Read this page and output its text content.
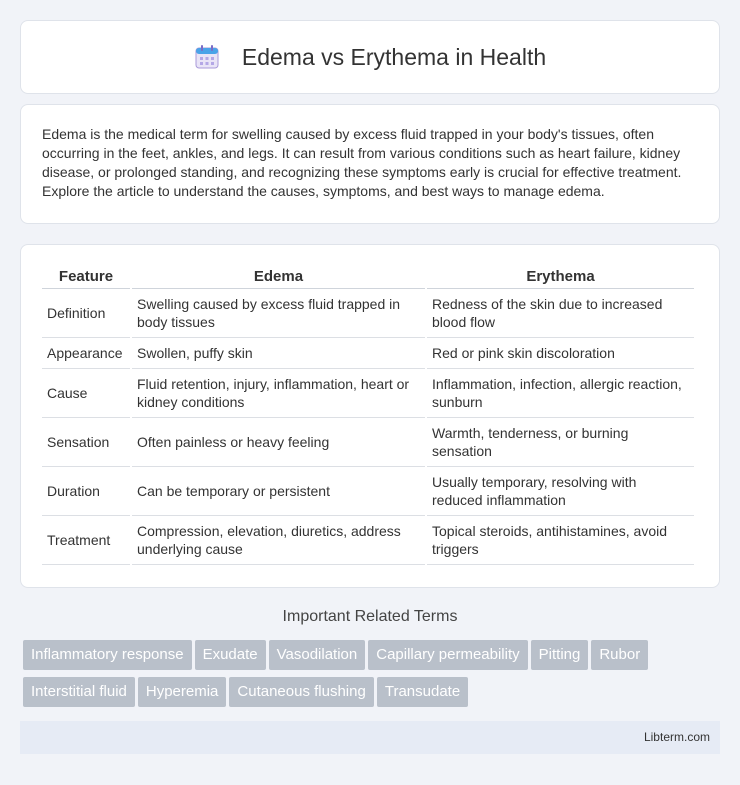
Edema vs Erythema in Health

Edema is the medical term for swelling caused by excess fluid trapped in your body's tissues, often occurring in the feet, ankles, and legs. It can result from various conditions such as heart failure, kidney disease, or prolonged standing, and recognizing these symptoms early is crucial for effective treatment. Explore the article to understand the causes, symptoms, and best ways to manage edema.

Feature	Edema	Erythema
Definition	Swelling caused by excess fluid trapped in body tissues	Redness of the skin due to increased blood flow
Appearance	Swollen, puffy skin	Red or pink skin discoloration
Cause	Fluid retention, injury, inflammation, heart or kidney conditions	Inflammation, infection, allergic reaction, sunburn
Sensation	Often painless or heavy feeling	Warmth, tenderness, or burning sensation
Duration	Can be temporary or persistent	Usually temporary, resolving with reduced inflammation
Treatment	Compression, elevation, diuretics, address underlying cause	Topical steroids, antihistamines, avoid triggers
Important Related Terms
Inflammatory response Exudate Vasodilation Capillary permeability Pitting Rubor
Interstitial fluid Hyperemia Cutaneous flushing Transudate
Libterm.com
